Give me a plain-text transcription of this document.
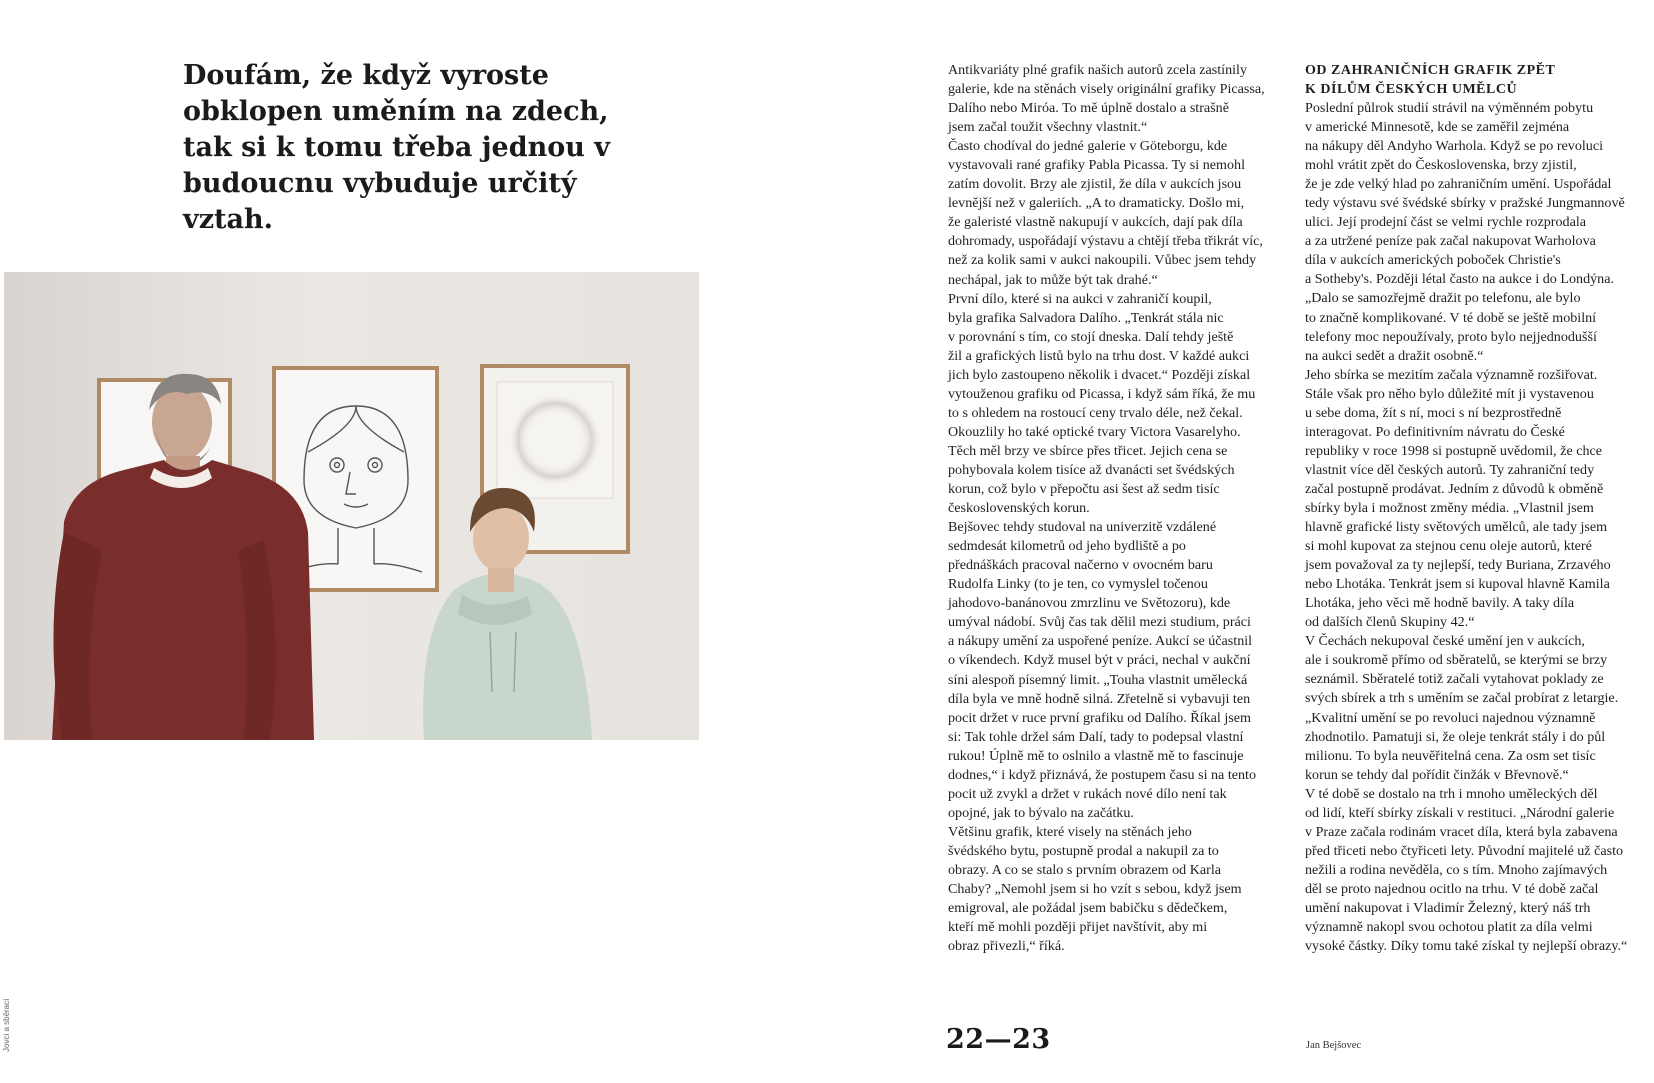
Doufám, že když vyroste obklopen uměním na zdech, tak si k tomu třeba jednou v budoucnu vybuduje určitý vztah.
Jovci a sběrací

Antikvariáty plné grafik našich autorů zcela zastínily
galerie, kde na stěnách visely originální grafiky Picassa,
Dalího nebo Miróa. To mě úplně dostalo a strašně
jsem začal toužit všechny vlastnit.“

Často chodíval do jedné galerie v Göteborgu, kde
vystavovali rané grafiky Pabla Picassa. Ty si nemohl
zatím dovolit. Brzy ale zjistil, že díla v aukcích jsou
levnější než v galeriích. „A to dramaticky. Došlo mi,
že galeristé vlastně nakupují v aukcích, dají pak díla
dohromady, uspořádají výstavu a chtějí třeba třikrát víc,
než za kolik sami v aukci nakoupili. Vůbec jsem tehdy
nechápal, jak to může být tak drahé.“

První dílo, které si na aukci v zahraničí koupil,
byla grafika Salvadora Dalího. „Tenkrát stála nic
v porovnání s tím, co stojí dneska. Dalí tehdy ještě
žil a grafických listů bylo na trhu dost. V každé aukci
jich bylo zastoupeno několik i dvacet.“ Později získal
vytouženou grafiku od Picassa, i když sám říká, že mu
to s ohledem na rostoucí ceny trvalo déle, než čekal.
Okouzlily ho také optické tvary Victora Vasarelyho.
Těch měl brzy ve sbírce přes třicet. Jejich cena se
pohybovala kolem tisíce až dvanácti set švédských
korun, což bylo v přepočtu asi šest až sedm tisíc
československých korun.

Bejšovec tehdy studoval na univerzitě vzdálené
sedmdesát kilometrů od jeho bydliště a po
přednáškách pracoval načerno v ovocném baru
Rudolfa Linky (to je ten, co vymyslel točenou
jahodovo-banánovou zmrzlinu ve Světozoru), kde
umýval nádobí. Svůj čas tak dělil mezi studium, práci
a nákupy umění za uspořené peníze. Aukcí se účastnil
o víkendech. Když musel být v práci, nechal v aukční
síni alespoň písemný limit. „Touha vlastnit umělecká
díla byla ve mně hodně silná. Zřetelně si vybavuji ten
pocit držet v ruce první grafiku od Dalího. Říkal jsem
si: Tak tohle držel sám Dalí, tady to podepsal vlastní
rukou! Úplně mě to oslnilo a vlastně mě to fascinuje
dodnes,“ i když přiznává, že postupem času si na tento
pocit už zvykl a držet v rukách nové dílo není tak
opojné, jak to bývalo na začátku.

Většinu grafik, které visely na stěnách jeho
švédského bytu, postupně prodal a nakupil za to
obrazy. A co se stalo s prvním obrazem od Karla
Chaby? „Nemohl jsem si ho vzít s sebou, když jsem
emigroval, ale požádal jsem babičku s dědečkem,
kteří mě mohli později přijet navštívit, aby mi
obraz přivezli,“ říká.

OD ZAHRANIČNÍCH GRAFIK ZPĚT
K DÍLŮM ČESKÝCH UMĚLCŮ

Poslední půlrok studií strávil na výměnném pobytu
v americké Minnesotě, kde se zaměřil zejména
na nákupy děl Andyho Warhola. Když se po revoluci
mohl vrátit zpět do Československa, brzy zjistil,
že je zde velký hlad po zahraničním umění. Uspořádal
tedy výstavu své švédské sbírky v pražské Jungmannově
ulici. Její prodejní část se velmi rychle rozprodala
a za utržené peníze pak začal nakupovat Warholova
díla v aukcích amerických poboček Christie's
a Sotheby's. Později létal často na aukce i do Londýna.
„Dalo se samozřejmě dražit po telefonu, ale bylo
to značně komplikované. V té době se ještě mobilní
telefony moc nepoužívaly, proto bylo nejjednodušší
na aukci sedět a dražit osobně.“

Jeho sbírka se mezitím začala významně rozšiřovat.
Stále však pro něho bylo důležité mít ji vystavenou
u sebe doma, žít s ní, moci s ní bezprostředně
interagovat. Po definitivním návratu do České
republiky v roce 1998 si postupně uvědomil, že chce
vlastnit více děl českých autorů. Ty zahraniční tedy
začal postupně prodávat. Jedním z důvodů k obměně
sbírky byla i možnost změny média. „Vlastnil jsem
hlavně grafické listy světových umělců, ale tady jsem
si mohl kupovat za stejnou cenu oleje autorů, které
jsem považoval za ty nejlepší, tedy Buriana, Zrzavého
nebo Lhotáka. Tenkrát jsem si kupoval hlavně Kamila
Lhotáka, jeho věci mě hodně bavily. A taky díla
od dalších členů Skupiny 42.“

V Čechách nekupoval české umění jen v aukcích,
ale i soukromě přímo od sběratelů, se kterými se brzy
seznámil. Sběratelé totiž začali vytahovat poklady ze
svých sbírek a trh s uměním se začal probírat z letargie.
„Kvalitní umění se po revoluci najednou významně
zhodnotilo. Pamatuji si, že oleje tenkrát stály i do půl
milionu. To byla neuvěřitelná cena. Za osm set tisíc
korun se tehdy dal pořídit činžák v Břevnově.“

V té době se dostalo na trh i mnoho uměleckých děl
od lidí, kteří sbírky získali v restituci. „Národní galerie
v Praze začala rodinám vracet díla, která byla zabavena
před třiceti nebo čtyřiceti lety. Původní majitelé už často
nežili a rodina nevěděla, co s tím. Mnoho zajímavých
děl se proto najednou ocitlo na trhu. V té době začal
umění nakupovat i Vladimír Železný, který náš trh
významně nakopl svou ochotou platit za díla velmi
vysoké částky. Díky tomu také získal ty nejlepší obrazy.“

22—23	Jan Bejšovec
